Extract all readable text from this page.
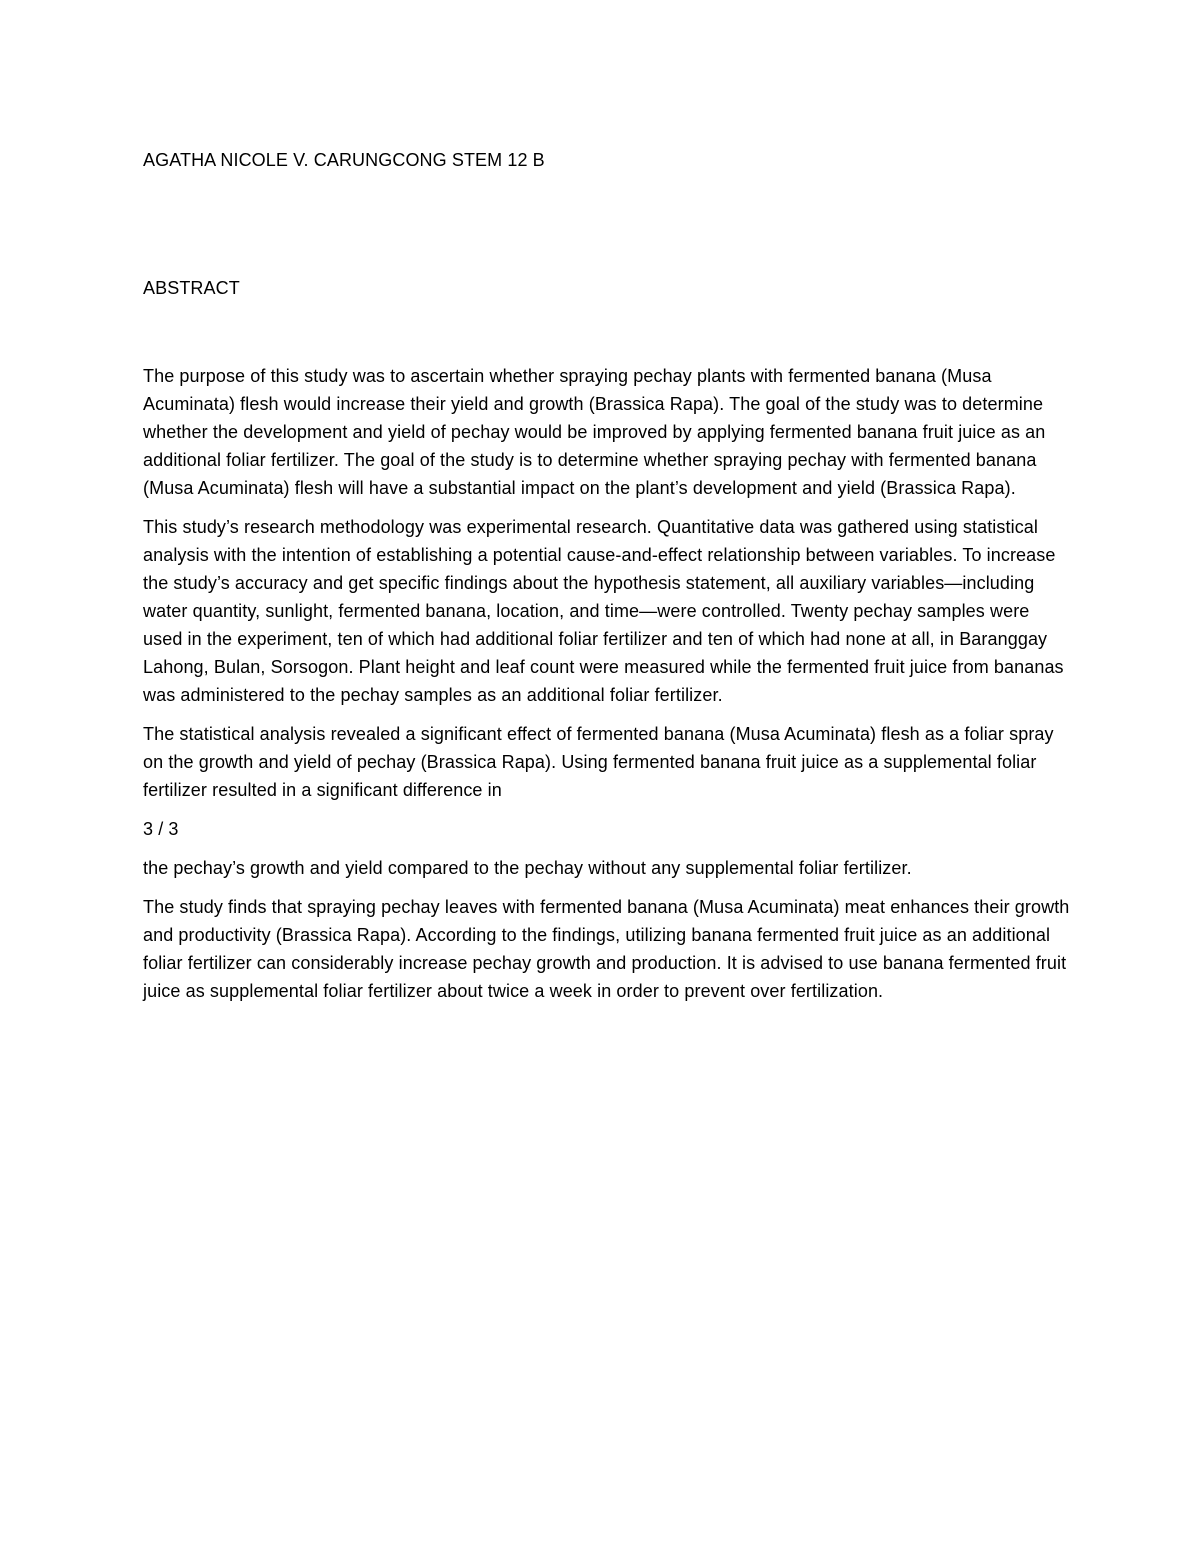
AGATHA NICOLE V. CARUNGCONG STEM 12 B
ABSTRACT

The purpose of this study was to ascertain whether spraying pechay plants with fermented banana (Musa Acuminata) flesh would increase their yield and growth (Brassica Rapa). The goal of the study was to determine whether the development and yield of pechay would be improved by applying fermented banana fruit juice as an additional foliar fertilizer. The goal of the study is to determine whether spraying pechay with fermented banana (Musa Acuminata) flesh will have a substantial impact on the plant’s development and yield (Brassica Rapa).

This study’s research methodology was experimental research. Quantitative data was gathered using statistical analysis with the intention of establishing a potential cause-and-effect relationship between variables. To increase the study’s accuracy and get specific findings about the hypothesis statement, all auxiliary variables—including water quantity, sunlight, fermented banana, location, and time—were controlled. Twenty pechay samples were used in the experiment, ten of which had additional foliar fertilizer and ten of which had none at all, in Baranggay Lahong, Bulan, Sorsogon. Plant height and leaf count were measured while the fermented fruit juice from bananas was administered to the pechay samples as an additional foliar fertilizer.

The statistical analysis revealed a significant effect of fermented banana (Musa Acuminata) flesh as a foliar spray on the growth and yield of pechay (Brassica Rapa). Using fermented banana fruit juice as a supplemental foliar fertilizer resulted in a significant difference in

3 / 3

the pechay’s growth and yield compared to the pechay without any supplemental foliar fertilizer.

The study finds that spraying pechay leaves with fermented banana (Musa Acuminata) meat enhances their growth and productivity (Brassica Rapa). According to the findings, utilizing banana fermented fruit juice as an additional foliar fertilizer can considerably increase pechay growth and production. It is advised to use banana fermented fruit juice as supplemental foliar fertilizer about twice a week in order to prevent over fertilization.
